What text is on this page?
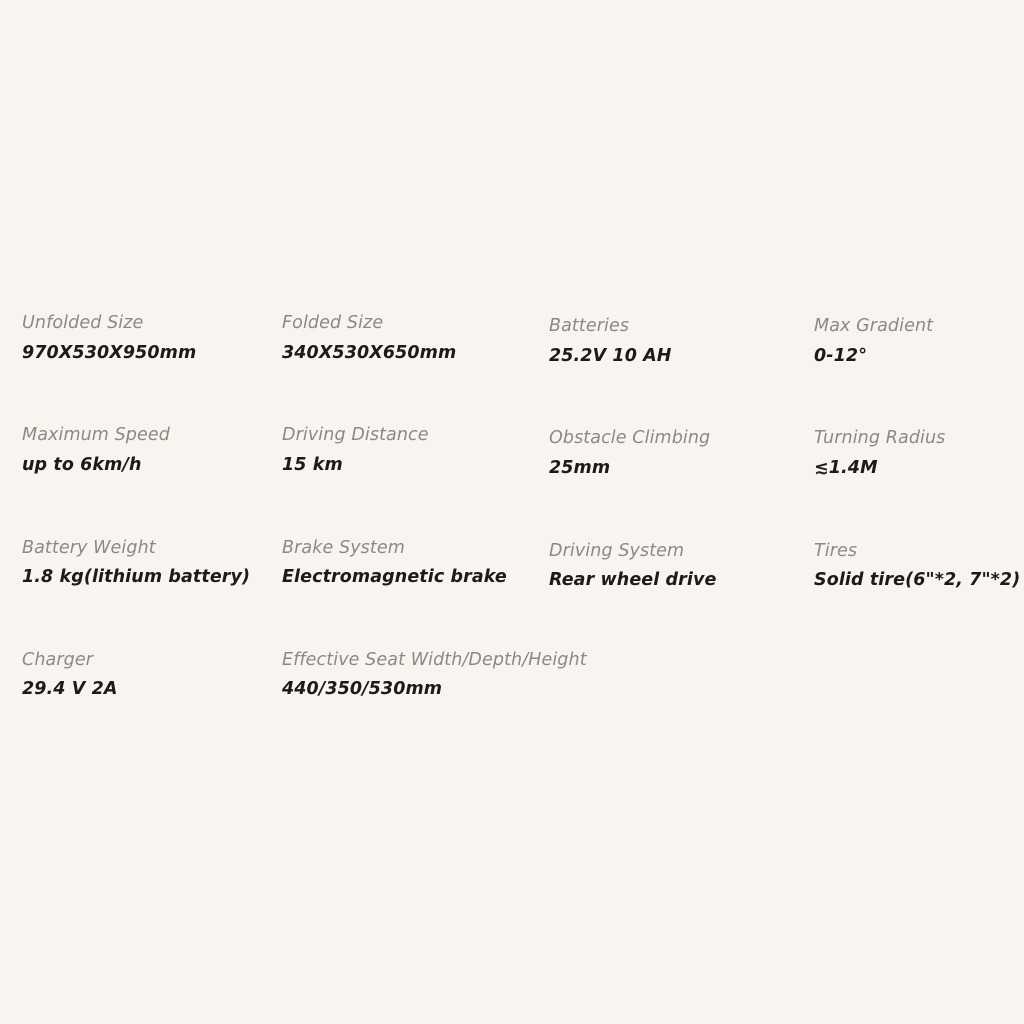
Unfolded Size
970X530X950mm
Folded Size
340X530X650mm
Batteries
25.2V 10 AH
Max Gradient
0-12°
Maximum Speed
up to 6km/h
Driving Distance
15 km
Obstacle Climbing
25mm
Turning Radius
≲1.4M
Battery Weight
1.8 kg(lithium battery)
Brake System
Electromagnetic brake
Driving System
Rear wheel drive
Tires
Solid tire(6"*2, 7"*2)
Charger
29.4 V 2A
Effective Seat Width/Depth/Height
440/350/530mm
